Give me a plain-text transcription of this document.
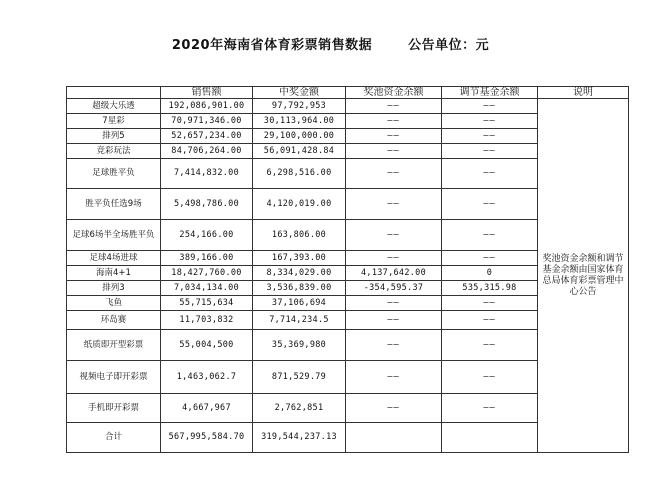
2020年海南省体育彩票销售数据	公告单位：元
	销售额	中奖金额	奖池资金余额	调节基金余额	说明
超级大乐透	192,086,901.00	97,792,953	——	——	奖池资金余额和调节基金余额由国家体育总局体育彩票管理中心公告
7星彩	70,971,346.00	30,113,964.00	——	——	
排列5	52,657,234.00	29,100,000.00	——	——	
竞彩玩法	84,706,264.00	56,091,428.84	——	——	
足球胜平负	7,414,832.00	6,298,516.00	——	——	
胜平负任选9场	5,498,786.00	4,120,019.00	——	——	
足球6场半全场胜平负	254,166.00	163,806.00	——	——	
足球4场进球	389,166.00	167,393.00	——	——	
海南4+1	18,427,760.00	8,334,029.00	4,137,642.00	0	
排列3	7,034,134.00	3,536,839.00	-354,595.37	535,315.98	
飞鱼	55,715,634	37,106,694	——	——	
环岛赛	11,703,832	7,714,234.5	——	——	
纸质即开型彩票	55,004,500	35,369,980	——	——	
视频电子即开彩票	1,463,062.7	871,529.79	——	——	
手机即开彩票	4,667,967	2,762,851	——	——	
合计	567,995,584.70	319,544,237.13			
